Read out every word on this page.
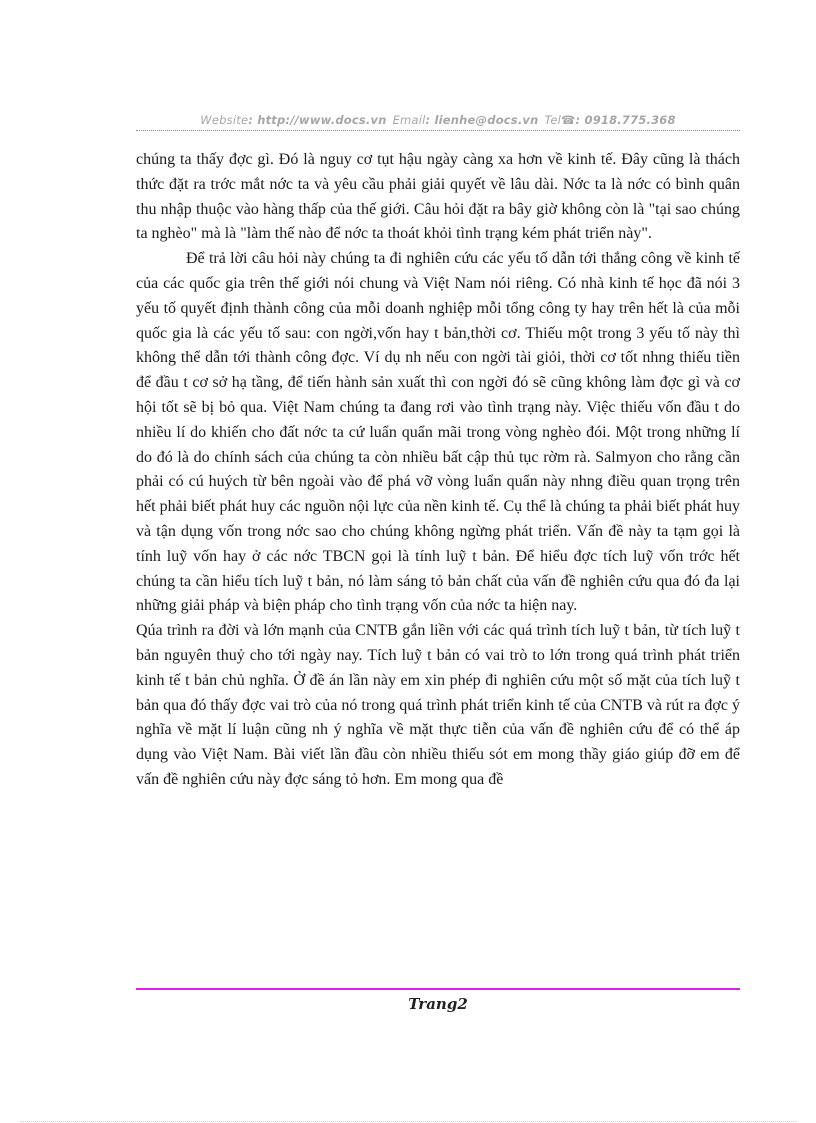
Website: http://www.docs.vn Email: lienhe@docs.vn Tel☎: 0918.775.368

chúng ta thấy đợc gì. Đó là nguy cơ tụt hậu ngày càng xa hơn về kinh tế. Đây cũng là thách thức đặt ra trớc mắt nớc ta và yêu cầu phải giải quyết về lâu dài. Nớc ta là nớc có bình quân thu nhập thuộc vào hàng thấp của thế giới. Câu hỏi đặt ra bây giờ không còn là "tại sao chúng ta nghèo" mà là "làm thế nào để nớc ta thoát khỏi tình trạng kém phát triển này".

Để trả lời câu hỏi này chúng ta đi nghiên cứu các yếu tố dẫn tới thắng công về kinh tế của các quốc gia trên thế giới nói chung và Việt Nam nói riêng. Có nhà kinh tế học đã nói 3 yếu tố quyết định thành công của mỗi doanh nghiệp mỗi tổng công ty hay trên hết là của mỗi quốc gia là các yếu tố sau: con ngời,vốn hay t bản,thời cơ. Thiếu một trong 3 yếu tố này thì không thể dẫn tới thành công đợc. Ví dụ nh nếu con ngời tài giỏi, thời cơ tốt nhng thiếu tiền để đầu t cơ sở hạ tầng, để tiến hành sản xuất thì con ngời đó sẽ cũng không làm đợc gì và cơ hội tốt sẽ bị bỏ qua. Việt Nam chúng ta đang rơi vào tình trạng này. Việc thiếu vốn đầu t do nhiều lí do khiến cho đất nớc ta cứ luẩn quẩn mãi trong vòng nghèo đói. Một trong những lí do đó là do chính sách của chúng ta còn nhiều bất cập thủ tục rờm rà. Salmyon cho rằng cần phải có cú huých từ bên ngoài vào để phá vỡ vòng luẩn quẩn này nhng điều quan trọng trên hết phải biết phát huy các nguồn nội lực của nền kinh tế. Cụ thể là chúng ta phải biết phát huy và tận dụng vốn trong nớc sao cho chúng không ngừng phát triển. Vấn đề này ta tạm gọi là tính luỹ vốn hay ở các nớc TBCN gọi là tính luỹ t bản. Để hiểu đợc tích luỹ vốn trớc hết chúng ta cần hiểu tích luỹ t bản, nó làm sáng tỏ bản chất của vấn đề nghiên cứu qua đó đa lại những giải pháp và biện pháp cho tình trạng vốn của nớc ta hiện nay.

Qúa trình ra đời và lớn mạnh của CNTB gắn liền với các quá trình tích luỹ t bản, từ tích luỹ t bản nguyên thuỷ cho tới ngày nay. Tích luỹ t bản có vai trò to lớn trong quá trình phát triển kinh tế t bản chủ nghĩa. Ở đề án lần này em xin phép đi nghiên cứu một số mặt của tích luỹ t bản qua đó thấy đợc vai trò của nó trong quá trình phát triển kinh tế của CNTB và rút ra đợc ý nghĩa về mặt lí luận cũng nh ý nghĩa về mặt thực tiễn của vấn đề nghiên cứu để có thể áp dụng vào Việt Nam. Bài viết lần đầu còn nhiều thiếu sót em mong thầy giáo giúp đỡ em để vấn đề nghiên cứu này đợc sáng tỏ hơn. Em mong qua đề

Trang2
